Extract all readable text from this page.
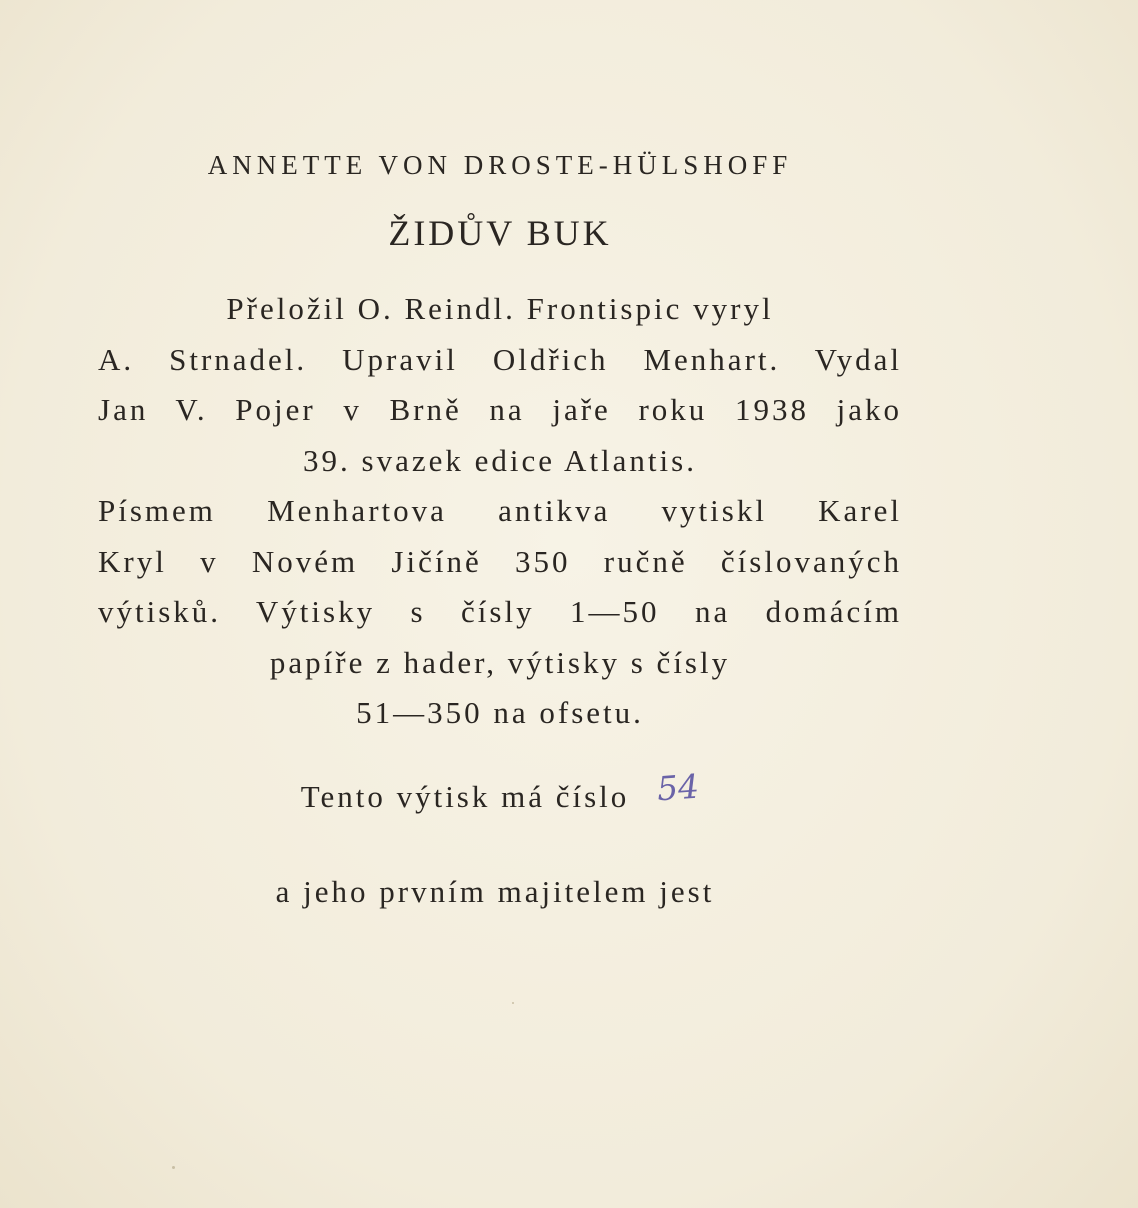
ANNETTE VON DROSTE-HÜLSHOFF
ŽIDŮV BUK
Přeložil O. Reindl. Frontispic vyryl
A. Strnadel. Upravil Oldřich Menhart. Vydal
Jan V. Pojer v Brně na jaře roku 1938 jako
39. svazek edice Atlantis.
Písmem Menhartova antikva vytiskl Karel
Kryl v Novém Jičíně 350 ručně číslovaných
výtisků. Výtisky s čísly 1—50 na domácím
papíře z hader, výtisky s čísly
51—350 na ofsetu.
Tento výtisk má číslo 54
a jeho prvním majitelem jest
